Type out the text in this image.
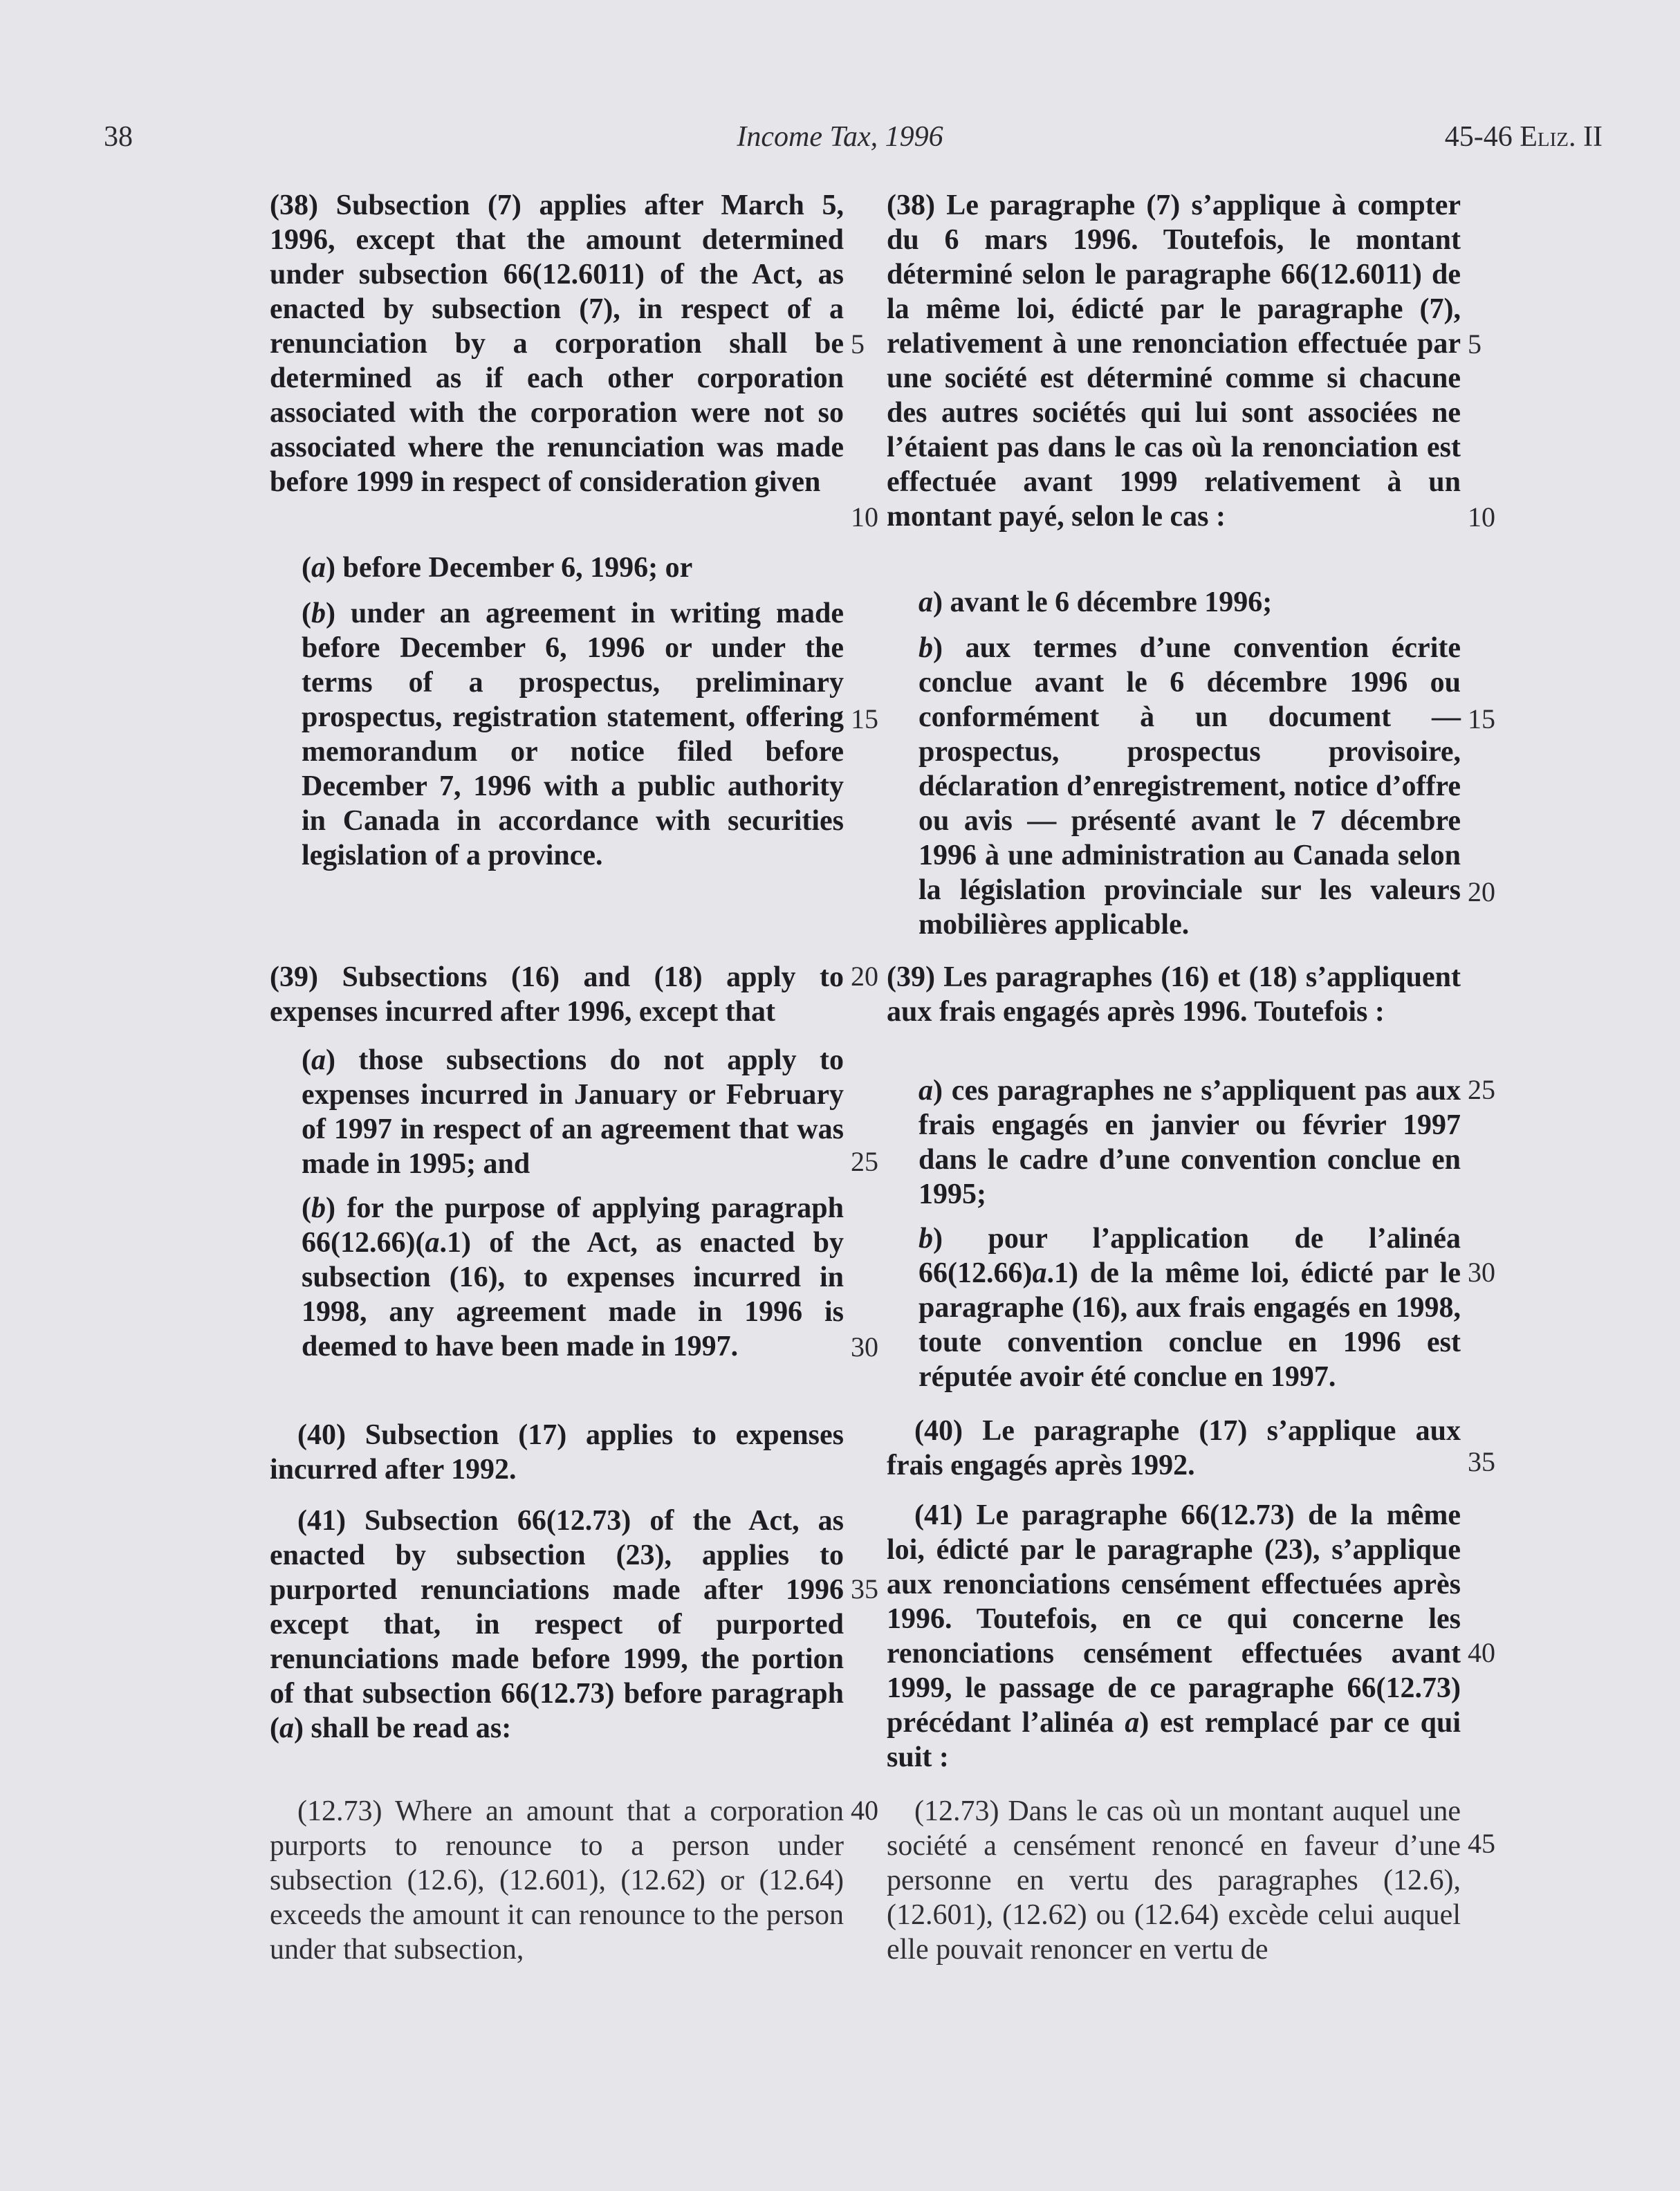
38	Income Tax, 1996	45-46 Eliz. II

(38) Subsection (7) applies after March 5, 1996, except that the amount determined under subsection 66(12.6011) of the Act, as enacted by subsection (7), in respect of a renunciation by a corporation shall be determined as if each other corporation associated with the corporation were not so associated where the renunciation was made before 1999 in respect of consideration given

(a) before December 6, 1996; or

(b) under an agreement in writing made before December 6, 1996 or under the terms of a prospectus, preliminary prospectus, registration statement, offering memorandum or notice filed before December 7, 1996 with a public authority in Canada in accordance with securities legislation of a province.

(39) Subsections (16) and (18) apply to expenses incurred after 1996, except that

(a) those subsections do not apply to expenses incurred in January or February of 1997 in respect of an agreement that was made in 1995; and

(b) for the purpose of applying paragraph 66(12.66)(a.1) of the Act, as enacted by subsection (16), to expenses incurred in 1998, any agreement made in 1996 is deemed to have been made in 1997.

(40) Subsection (17) applies to expenses incurred after 1992.

(41) Subsection 66(12.73) of the Act, as enacted by subsection (23), applies to purported renunciations made after 1996 except that, in respect of purported renunciations made before 1999, the portion of that subsection 66(12.73) before paragraph (a) shall be read as:

(12.73) Where an amount that a corporation purports to renounce to a person under subsection (12.6), (12.601), (12.62) or (12.64) exceeds the amount it can renounce to the person under that subsection,

(38) Le paragraphe (7) s’applique à compter du 6 mars 1996. Toutefois, le montant déterminé selon le paragraphe 66(12.6011) de la même loi, édicté par le paragraphe (7), relativement à une renonciation effectuée par une société est déterminé comme si chacune des autres sociétés qui lui sont associées ne l’étaient pas dans le cas où la renonciation est effectuée avant 1999 relativement à un montant payé, selon le cas :

a) avant le 6 décembre 1996;

b) aux termes d’une convention écrite conclue avant le 6 décembre 1996 ou conformément à un document — prospectus, prospectus provisoire, déclaration d’enregistrement, notice d’offre ou avis — présenté avant le 7 décembre 1996 à une administration au Canada selon la législation provinciale sur les valeurs mobilières applicable.

(39) Les paragraphes (16) et (18) s’appliquent aux frais engagés après 1996. Toutefois :

a) ces paragraphes ne s’appliquent pas aux frais engagés en janvier ou février 1997 dans le cadre d’une convention conclue en 1995;

b) pour l’application de l’alinéa 66(12.66)a.1) de la même loi, édicté par le paragraphe (16), aux frais engagés en 1998, toute convention conclue en 1996 est réputée avoir été conclue en 1997.

(40) Le paragraphe (17) s’applique aux frais engagés après 1992.

(41) Le paragraphe 66(12.73) de la même loi, édicté par le paragraphe (23), s’applique aux renonciations censément effectuées après 1996. Toutefois, en ce qui concerne les renonciations censément effectuées avant 1999, le passage de ce paragraphe 66(12.73) précédant l’alinéa a) est remplacé par ce qui suit :

(12.73) Dans le cas où un montant auquel une société a censément renoncé en faveur d’une personne en vertu des paragraphes (12.6), (12.601), (12.62) ou (12.64) excède celui auquel elle pouvait renoncer en vertu de

5
10
15
20
25
30
35
40
5
10
15
20
25
30
35
40
45
